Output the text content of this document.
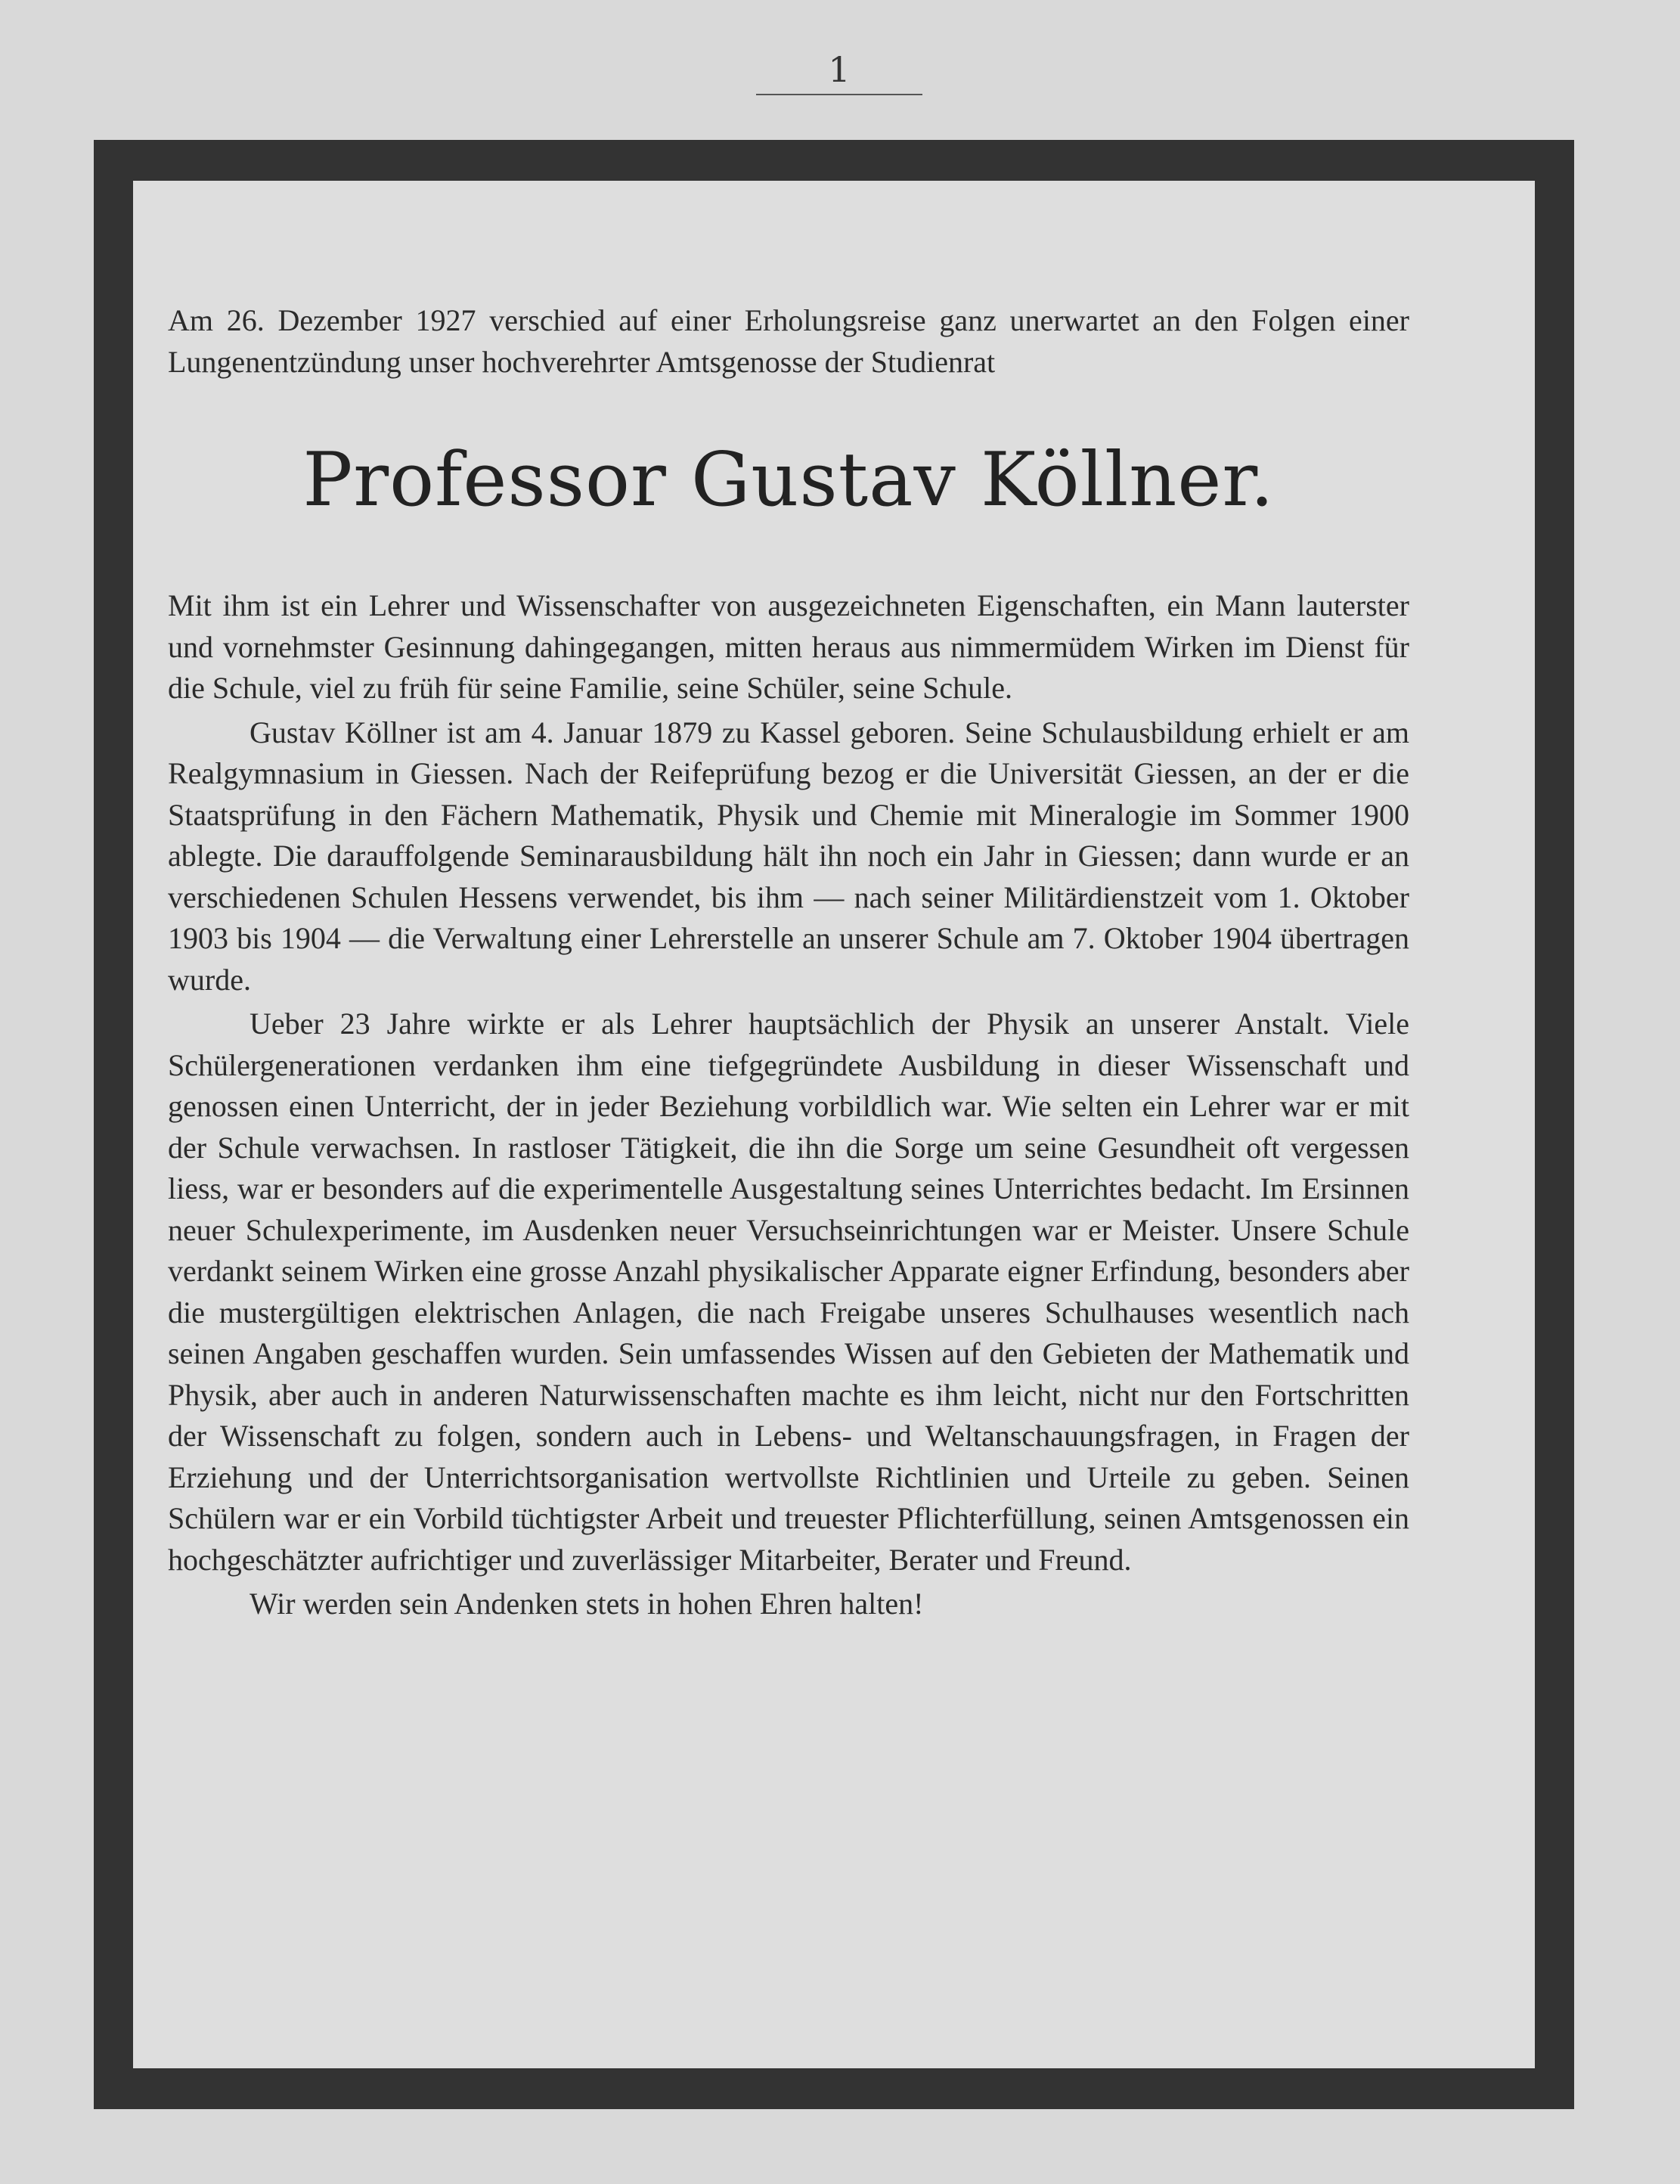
1

Am 26. Dezember 1927 verschied auf einer Erholungsreise ganz unerwartet an den Folgen einer Lungenentzündung unser hochverehrter Amtsgenosse der Studienrat

Professor Gustav Köllner.

Mit ihm ist ein Lehrer und Wissenschafter von ausgezeichneten Eigenschaften, ein Mann lauterster und vornehmster Gesinnung dahingegangen, mitten heraus aus nimmermüdem Wirken im Dienst für die Schule, viel zu früh für seine Familie, seine Schüler, seine Schule.

Gustav Köllner ist am 4. Januar 1879 zu Kassel geboren. Seine Schulausbildung erhielt er am Realgymnasium in Giessen. Nach der Reifeprüfung bezog er die Universität Giessen, an der er die Staatsprüfung in den Fächern Mathematik, Physik und Chemie mit Mineralogie im Sommer 1900 ablegte. Die darauffolgende Seminarausbildung hält ihn noch ein Jahr in Giessen; dann wurde er an verschiedenen Schulen Hessens verwendet, bis ihm — nach seiner Militärdienstzeit vom 1. Oktober 1903 bis 1904 — die Verwaltung einer Lehrerstelle an unserer Schule am 7. Oktober 1904 übertragen wurde.

Ueber 23 Jahre wirkte er als Lehrer hauptsächlich der Physik an unserer Anstalt. Viele Schülergenerationen verdanken ihm eine tiefgegründete Ausbildung in dieser Wissenschaft und genossen einen Unterricht, der in jeder Beziehung vorbildlich war. Wie selten ein Lehrer war er mit der Schule verwachsen. In rastloser Tätigkeit, die ihn die Sorge um seine Gesundheit oft vergessen liess, war er besonders auf die experimentelle Ausgestaltung seines Unterrichtes bedacht. Im Ersinnen neuer Schulexperimente, im Ausdenken neuer Versuchseinrichtungen war er Meister. Unsere Schule verdankt seinem Wirken eine grosse Anzahl physikalischer Apparate eigner Erfindung, besonders aber die mustergültigen elektrischen Anlagen, die nach Freigabe unseres Schulhauses wesentlich nach seinen Angaben geschaffen wurden. Sein umfassendes Wissen auf den Gebieten der Mathematik und Physik, aber auch in anderen Naturwissenschaften machte es ihm leicht, nicht nur den Fortschritten der Wissenschaft zu folgen, sondern auch in Lebens- und Weltanschauungsfragen, in Fragen der Erziehung und der Unterrichtsorganisation wertvollste Richtlinien und Urteile zu geben. Seinen Schülern war er ein Vorbild tüchtigster Arbeit und treuester Pflichterfüllung, seinen Amtsgenossen ein hochgeschätzter aufrichtiger und zuverlässiger Mitarbeiter, Berater und Freund.

Wir werden sein Andenken stets in hohen Ehren halten!
